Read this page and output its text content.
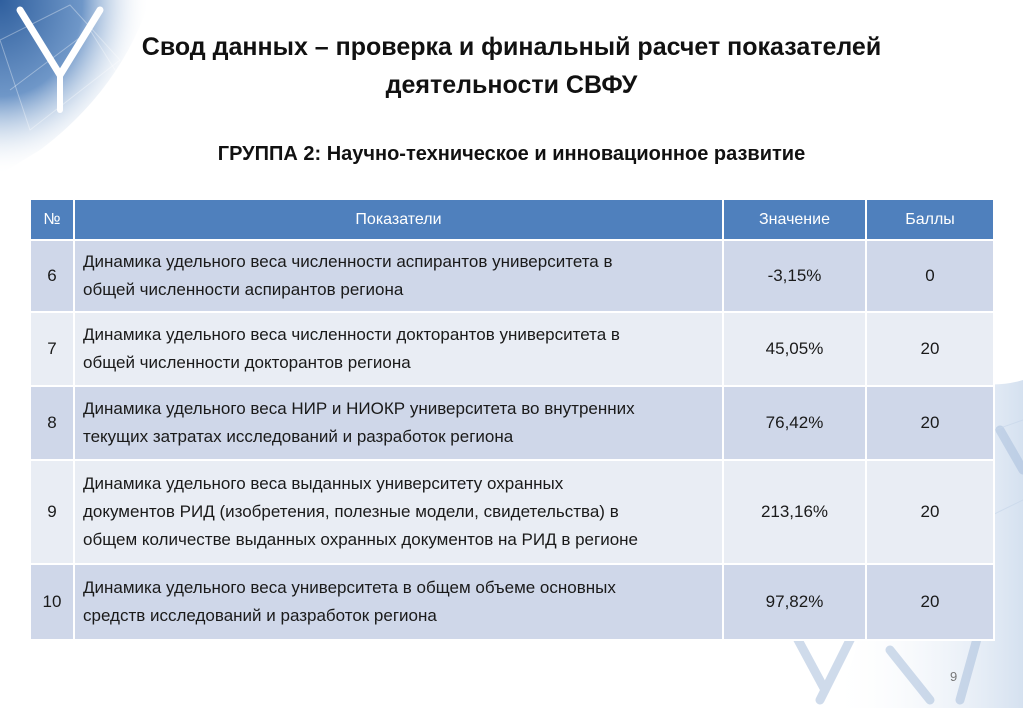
Свод данных – проверка и финальный расчет показателей
деятельности СВФУ
ГРУППА 2: Научно-техническое и инновационное развитие
№	Показатели	Значение	Баллы
6	Динамика удельного веса численности аспирантов университета в
общей численности аспирантов региона	-3,15%	0
7	Динамика удельного веса численности докторантов университета в
общей численности докторантов региона	45,05%	20
8	Динамика удельного веса НИР и НИОКР университета во внутренних
текущих затратах исследований и разработок региона	76,42%	20
9	Динамика удельного веса выданных университету охранных
документов РИД (изобретения, полезные модели, свидетельства) в
общем количестве выданных охранных документов на РИД в регионе	213,16%	20
10	Динамика удельного веса университета в общем объеме основных
средств исследований и разработок региона	97,82%	20
9
